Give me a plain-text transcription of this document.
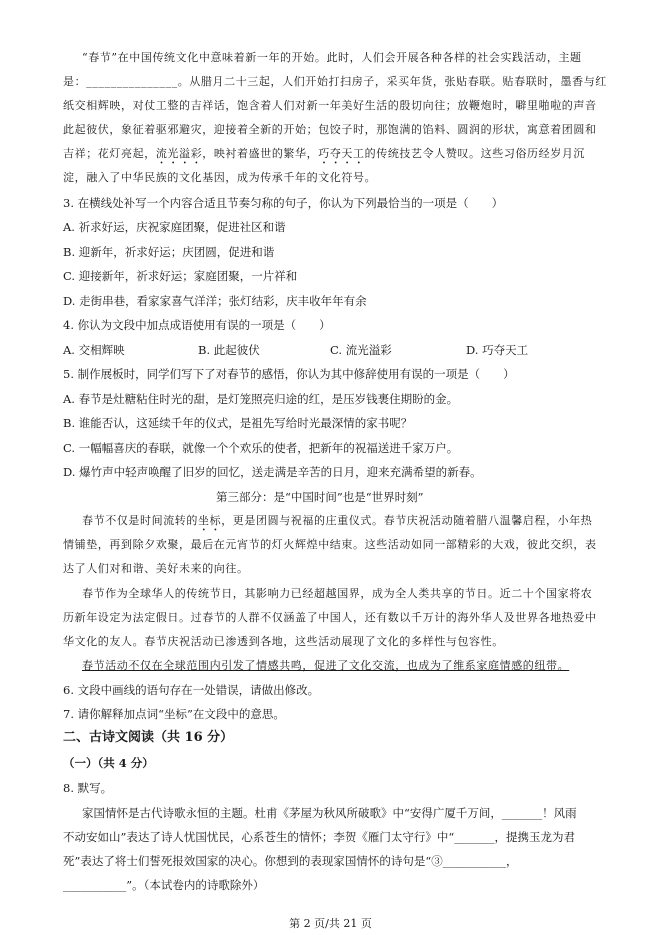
“春节”在中国传统文化中意味着新一年的开始。此时，人们会开展各种各样的社会实践活动，主题
是：_______________。从腊月二十三起，人们开始打扫房子，采买年货，张贴春联。贴春联时，墨香与红
纸交相辉映，对仗工整的吉祥话，饱含着人们对新一年美好生活的殷切向往；放鞭炮时，噼里啪啦的声音
此起彼伏，象征着驱邪避灾，迎接着全新的开始；包饺子时，那饱满的馅料、圆润的形状，寓意着团圆和
吉祥；花灯亮起，流光溢彩，映衬着盛世的繁华，巧夺天工的传统技艺令人赞叹。这些习俗历经岁月沉
淀，融入了中华民族的文化基因，成为传承千年的文化符号。
3. 在横线处补写一个内容合适且节奏匀称的句子，你认为下列最恰当的一项是（　　）
A. 祈求好运，庆祝家庭团聚，促进社区和谐
B. 迎新年，祈求好运；庆团圆，促进和谐
C. 迎接新年，祈求好运；家庭团聚，一片祥和
D. 走街串巷，看家家喜气洋洋；张灯结彩，庆丰收年年有余
4. 你认为文段中加点成语使用有误的一项是（　　）
A. 交相辉映	B. 此起彼伏	C. 流光溢彩	D. 巧夺天工
5. 制作展板时，同学们写下了对春节的感悟，你认为其中修辞使用有误的一项是（　　）
A. 春节是灶糖粘住时光的甜，是灯笼照亮归途的红，是压岁钱裹住期盼的金。
B. 谁能否认，这延续千年的仪式，是祖先写给时光最深情的家书呢？
C. 一幅幅喜庆的春联，就像一个个欢乐的使者，把新年的祝福送进千家万户。
D. 爆竹声中轻声唤醒了旧岁的回忆，送走满是辛苦的日月，迎来充满希望的新春。
第三部分：是“中国时间”也是“世界时刻”
春节不仅是时间流转的坐标，更是团圆与祝福的庄重仪式。春节庆祝活动随着腊八温馨启程，小年热
情铺垫，再到除夕欢聚，最后在元宵节的灯火辉煌中结束。这些活动如同一部精彩的大戏，彼此交织，表
达了人们对和谐、美好未来的向往。
春节作为全球华人的传统节日，其影响力已经超越国界，成为全人类共享的节日。近二十个国家将农
历新年设定为法定假日。过春节的人群不仅涵盖了中国人，还有数以千万计的海外华人及世界各地热爱中
华文化的友人。春节庆祝活动已渗透到各地，这些活动展现了文化的多样性与包容性。
春节活动不仅在全球范围内引发了情感共鸣，促进了文化交流，也成为了维系家庭情感的纽带。
6. 文段中画线的语句存在一处错误，请做出修改。
7. 请你解释加点词“坐标”在文段中的意思。
二、古诗文阅读（共 16 分）
（一）（共 4 分）
8. 默写。
家国情怀是古代诗歌永恒的主题。杜甫《茅屋为秋风所破歌》中“安得广厦千万间，_______！风雨
不动安如山”表达了诗人忧国忧民，心系苍生的情怀；李贺《雁门太守行》中“_______，提携玉龙为君
死”表达了将士们誓死报效国家的决心。你想到的表现家国情怀的诗句是“③___________，
___________”。（本试卷内的诗歌除外）
第 2 页/共 21 页
